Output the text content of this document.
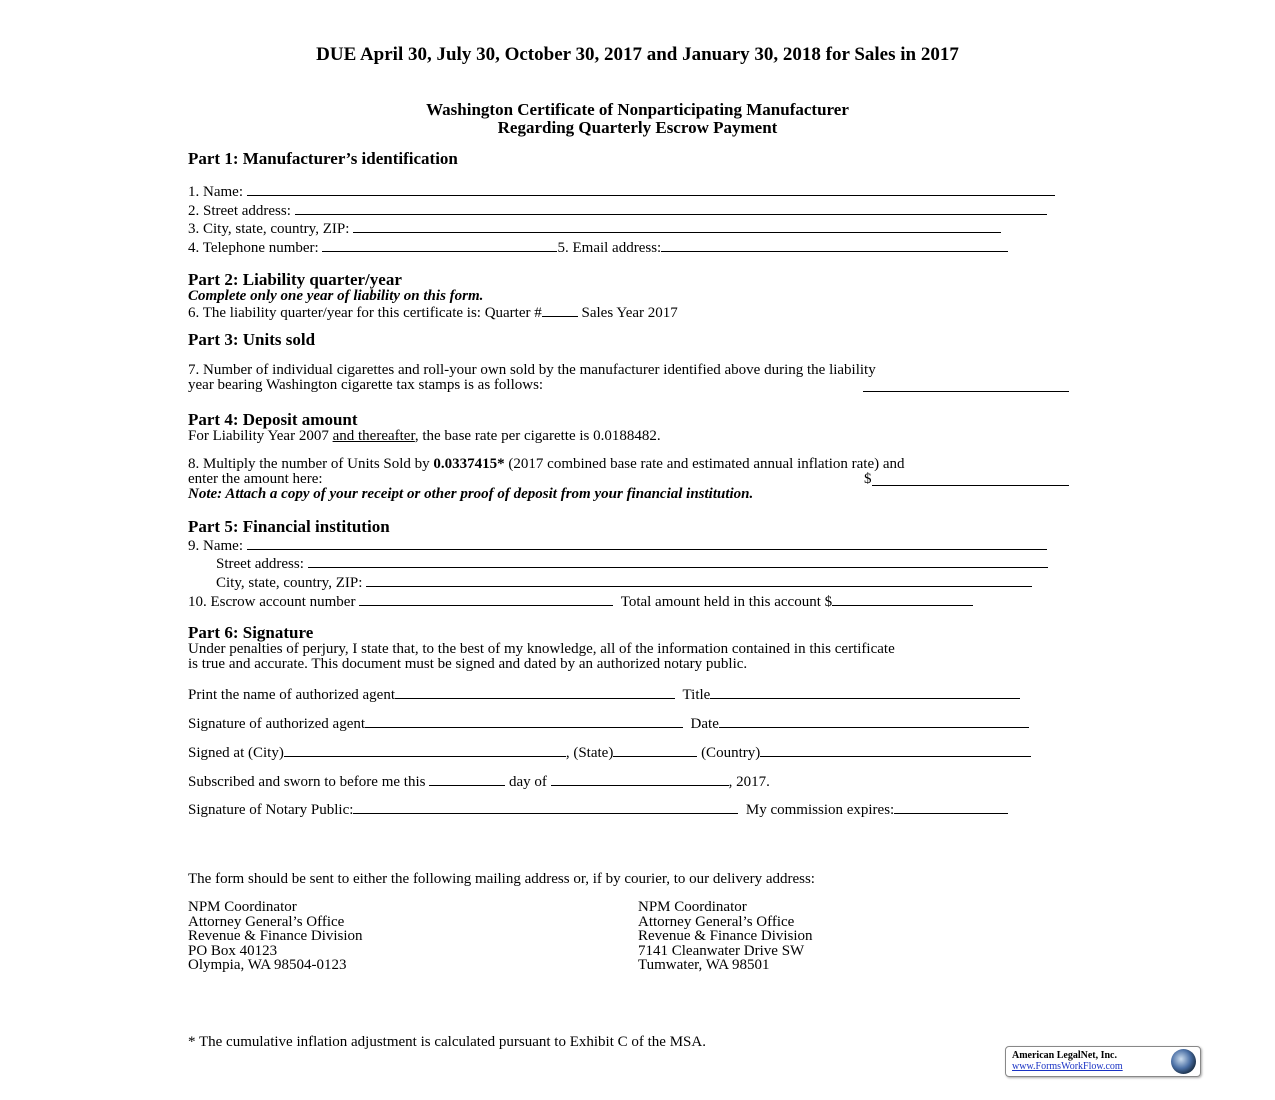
DUE April 30, July 30, October 30, 2017 and January 30, 2018 for Sales in 2017
Washington Certificate of Nonparticipating Manufacturer
Regarding Quarterly Escrow Payment
Part 1: Manufacturer’s identification
1. Name:
2. Street address:
3. City, state, country, ZIP:
4. Telephone number:	5. Email address:
Part 2: Liability quarter/year
Complete only one year of liability on this form.
6. The liability quarter/year for this certificate is: Quarter # Sales Year 2017
Part 3: Units sold
7. Number of individual cigarettes and roll-your own sold by the manufacturer identified above during the liability
year bearing Washington cigarette tax stamps is as follows:
Part 4: Deposit amount
For Liability Year 2007 and thereafter, the base rate per cigarette is 0.0188482.
8. Multiply the number of Units Sold by 0.0337415* (2017 combined base rate and estimated annual inflation rate) and
enter the amount here:	$
Note: Attach a copy of your receipt or other proof of deposit from your financial institution.
Part 5: Financial institution
9. Name:
Street address:
City, state, country, ZIP:
10. Escrow account number	Total amount held in this account $
Part 6: Signature
Under penalties of perjury, I state that, to the best of my knowledge, all of the information contained in this certificate
is true and accurate. This document must be signed and dated by an authorized notary public.
Print the name of authorized agent	Title
Signature of authorized agent	Date
Signed at (City)	, (State)	(Country)
Subscribed and sworn to before me this	day of	, 2017.
Signature of Notary Public:	My commission expires:
The form should be sent to either the following mailing address or, if by courier, to our delivery address:
NPM Coordinator
Attorney General’s Office
Revenue & Finance Division
PO Box 40123
Olympia, WA 98504-0123
NPM Coordinator
Attorney General’s Office
Revenue & Finance Division
7141 Cleanwater Drive SW
Tumwater, WA 98501
* The cumulative inflation adjustment is calculated pursuant to Exhibit C of the MSA.
American LegalNet, Inc.
www.FormsWorkFlow.com
